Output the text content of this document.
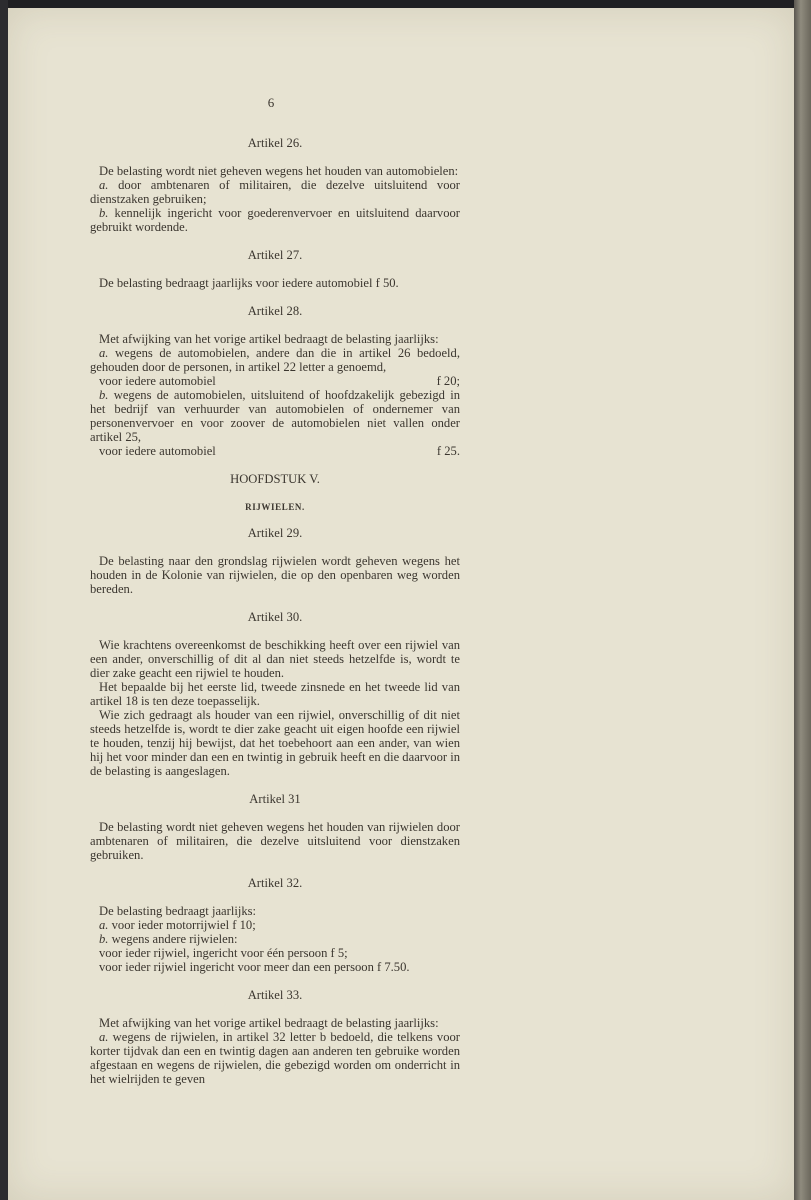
6
Artikel 26.

De belasting wordt niet geheven wegens het houden van automobielen:

a. door ambtenaren of militairen, die dezelve uitsluitend voor dienstzaken gebruiken;

b. kennelijk ingericht voor goederenvervoer en uitsluitend daarvoor gebruikt wordende.

Artikel 27.

De belasting bedraagt jaarlijks voor iedere automobiel f 50.

Artikel 28.

Met afwijking van het vorige artikel bedraagt de belasting jaarlijks:

a. wegens de automobielen, andere dan die in artikel 26 bedoeld, gehouden door de personen, in artikel 22 letter a genoemd,

voor iedere automobiel	f 20;

b. wegens de automobielen, uitsluitend of hoofdzakelijk gebezigd in het bedrijf van verhuurder van automobielen of ondernemer van personenvervoer en voor zoover de automobielen niet vallen onder artikel 25,

voor iedere automobiel	f 25.
HOOFDSTUK V.
RIJWIELEN.
Artikel 29.

De belasting naar den grondslag rijwielen wordt geheven wegens het houden in de Kolonie van rijwielen, die op den openbaren weg worden bereden.

Artikel 30.

Wie krachtens overeenkomst de beschikking heeft over een rijwiel van een ander, onverschillig of dit al dan niet steeds hetzelfde is, wordt te dier zake geacht een rijwiel te houden.

Het bepaalde bij het eerste lid, tweede zinsnede en het tweede lid van artikel 18 is ten deze toepasselijk.

Wie zich gedraagt als houder van een rijwiel, onverschillig of dit niet steeds hetzelfde is, wordt te dier zake geacht uit eigen hoofde een rijwiel te houden, tenzij hij bewijst, dat het toebehoort aan een ander, van wien hij het voor minder dan een en twintig in gebruik heeft en die daarvoor in de belasting is aangeslagen.

Artikel 31

De belasting wordt niet geheven wegens het houden van rijwielen door ambtenaren of militairen, die dezelve uitsluitend voor dienstzaken gebruiken.

Artikel 32.

De belasting bedraagt jaarlijks:

a. voor ieder motorrijwiel f 10;

b. wegens andere rijwielen:

voor ieder rijwiel, ingericht voor één persoon f 5;

voor ieder rijwiel ingericht voor meer dan een persoon f 7.50.

Artikel 33.

Met afwijking van het vorige artikel bedraagt de belasting jaarlijks:

a. wegens de rijwielen, in artikel 32 letter b bedoeld, die telkens voor korter tijdvak dan een en twintig dagen aan anderen ten gebruike worden afgestaan en wegens de rijwielen, die gebezigd worden om onderricht in het wielrijden te geven
